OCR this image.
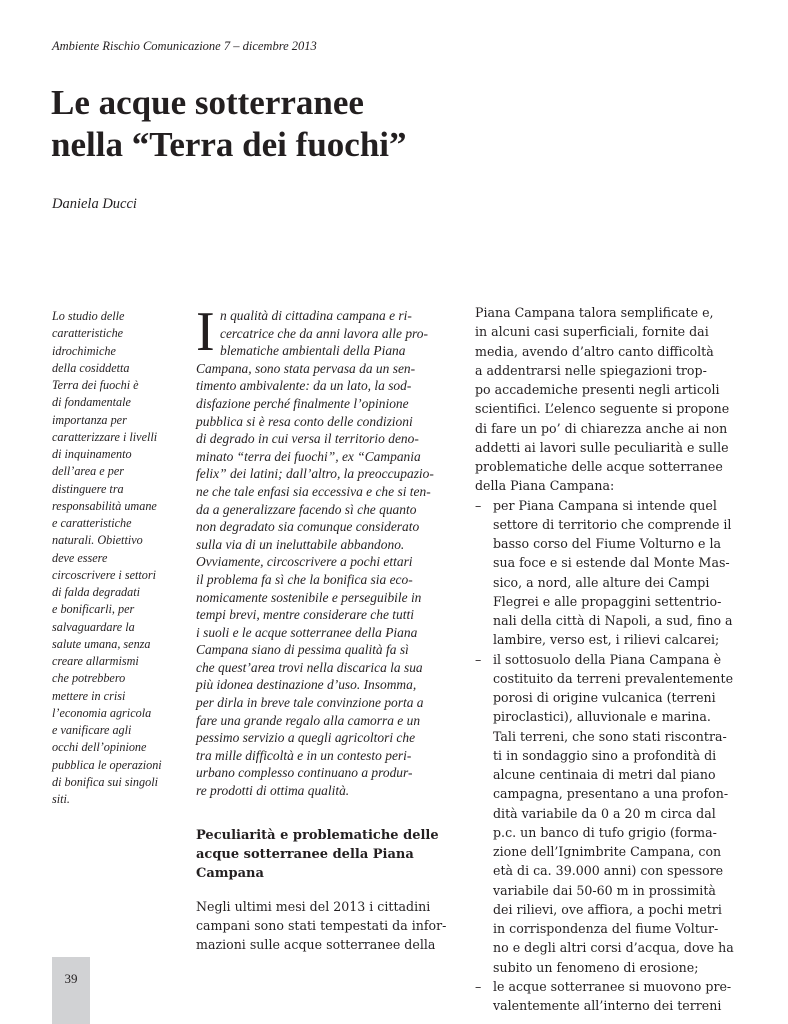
Ambiente Rischio Comunicazione 7 – dicembre 2013
Le acque sotterranee
nella “Terra dei fuochi”
Daniela Ducci
Lo studio delle
caratteristiche
idrochimiche
della cosiddetta
Terra dei fuochi è
di fondamentale
importanza per
caratterizzare i livelli
di inquinamento
dell’area e per
distinguere tra
responsabilità umane
e caratteristiche
naturali. Obiettivo
deve essere
circoscrivere i settori
di falda degradati
e bonificarli, per
salvaguardare la
salute umana, senza
creare allarmismi
che potrebbero
mettere in crisi
l’economia agricola
e vanificare agli
occhi dell’opinione
pubblica le operazioni
di bonifica sui singoli
siti.
I n qualità di cittadina campana e ri-
cercatrice che da anni lavora alle pro-
blematiche ambientali della Piana
Campana, sono stata pervasa da un sen-
timento ambivalente: da un lato, la sod-
disfazione perché finalmente l’opinione
pubblica si è resa conto delle condizioni
di degrado in cui versa il territorio deno-
minato “terra dei fuochi”, ex “Campania
felix” dei latini; dall’altro, la preoccupazio-
ne che tale enfasi sia eccessiva e che si ten-
da a generalizzare facendo sì che quanto
non degradato sia comunque considerato
sulla via di un ineluttabile abbandono.
Ovviamente, circoscrivere a pochi ettari
il problema fa sì che la bonifica sia eco-
nomicamente sostenibile e perseguibile in
tempi brevi, mentre considerare che tutti
i suoli e le acque sotterranee della Piana
Campana siano di pessima qualità fa sì
che quest’area trovi nella discarica la sua
più idonea destinazione d’uso. Insomma,
per dirla in breve tale convinzione porta a
fare una grande regalo alla camorra e un
pessimo servizio a quegli agricoltori che
tra mille difficoltà e in un contesto peri-
urbano complesso continuano a produr-
re prodotti di ottima qualità.
Peculiarità e problematiche delle
acque sotterranee della Piana
Campana
Negli ultimi mesi del 2013 i cittadini
campani sono stati tempestati da infor-
mazioni sulle acque sotterranee della
Piana Campana talora semplificate e,
in alcuni casi superficiali, fornite dai
media, avendo d’altro canto difficoltà
a addentrarsi nelle spiegazioni trop-
po accademiche presenti negli articoli
scientifici. L’elenco seguente si propone
di fare un po’ di chiarezza anche ai non
addetti ai lavori sulle peculiarità e sulle
problematiche delle acque sotterranee
della Piana Campana:
– per Piana Campana si intende quel
settore di territorio che comprende il
basso corso del Fiume Volturno e la
sua foce e si estende dal Monte Mas-
sico, a nord, alle alture dei Campi
Flegrei e alle propaggini settentrio-
nali della città di Napoli, a sud, fino a
lambire, verso est, i rilievi calcarei;
– il sottosuolo della Piana Campana è
costituito da terreni prevalentemente
porosi di origine vulcanica (terreni
piroclastici), alluvionale e marina.
Tali terreni, che sono stati riscontra-
ti in sondaggio sino a profondità di
alcune centinaia di metri dal piano
campagna, presentano a una profon-
dità variabile da 0 a 20 m circa dal
p.c. un banco di tufo grigio (forma-
zione dell’Ignimbrite Campana, con
età di ca. 39.000 anni) con spessore
variabile dai 50-60 m in prossimità
dei rilievi, ove affiora, a pochi metri
in corrispondenza del fiume Voltur-
no e degli altri corsi d’acqua, dove ha
subito un fenomeno di erosione;
– le acque sotterranee si muovono pre-
valentemente all’interno dei terreni
39
